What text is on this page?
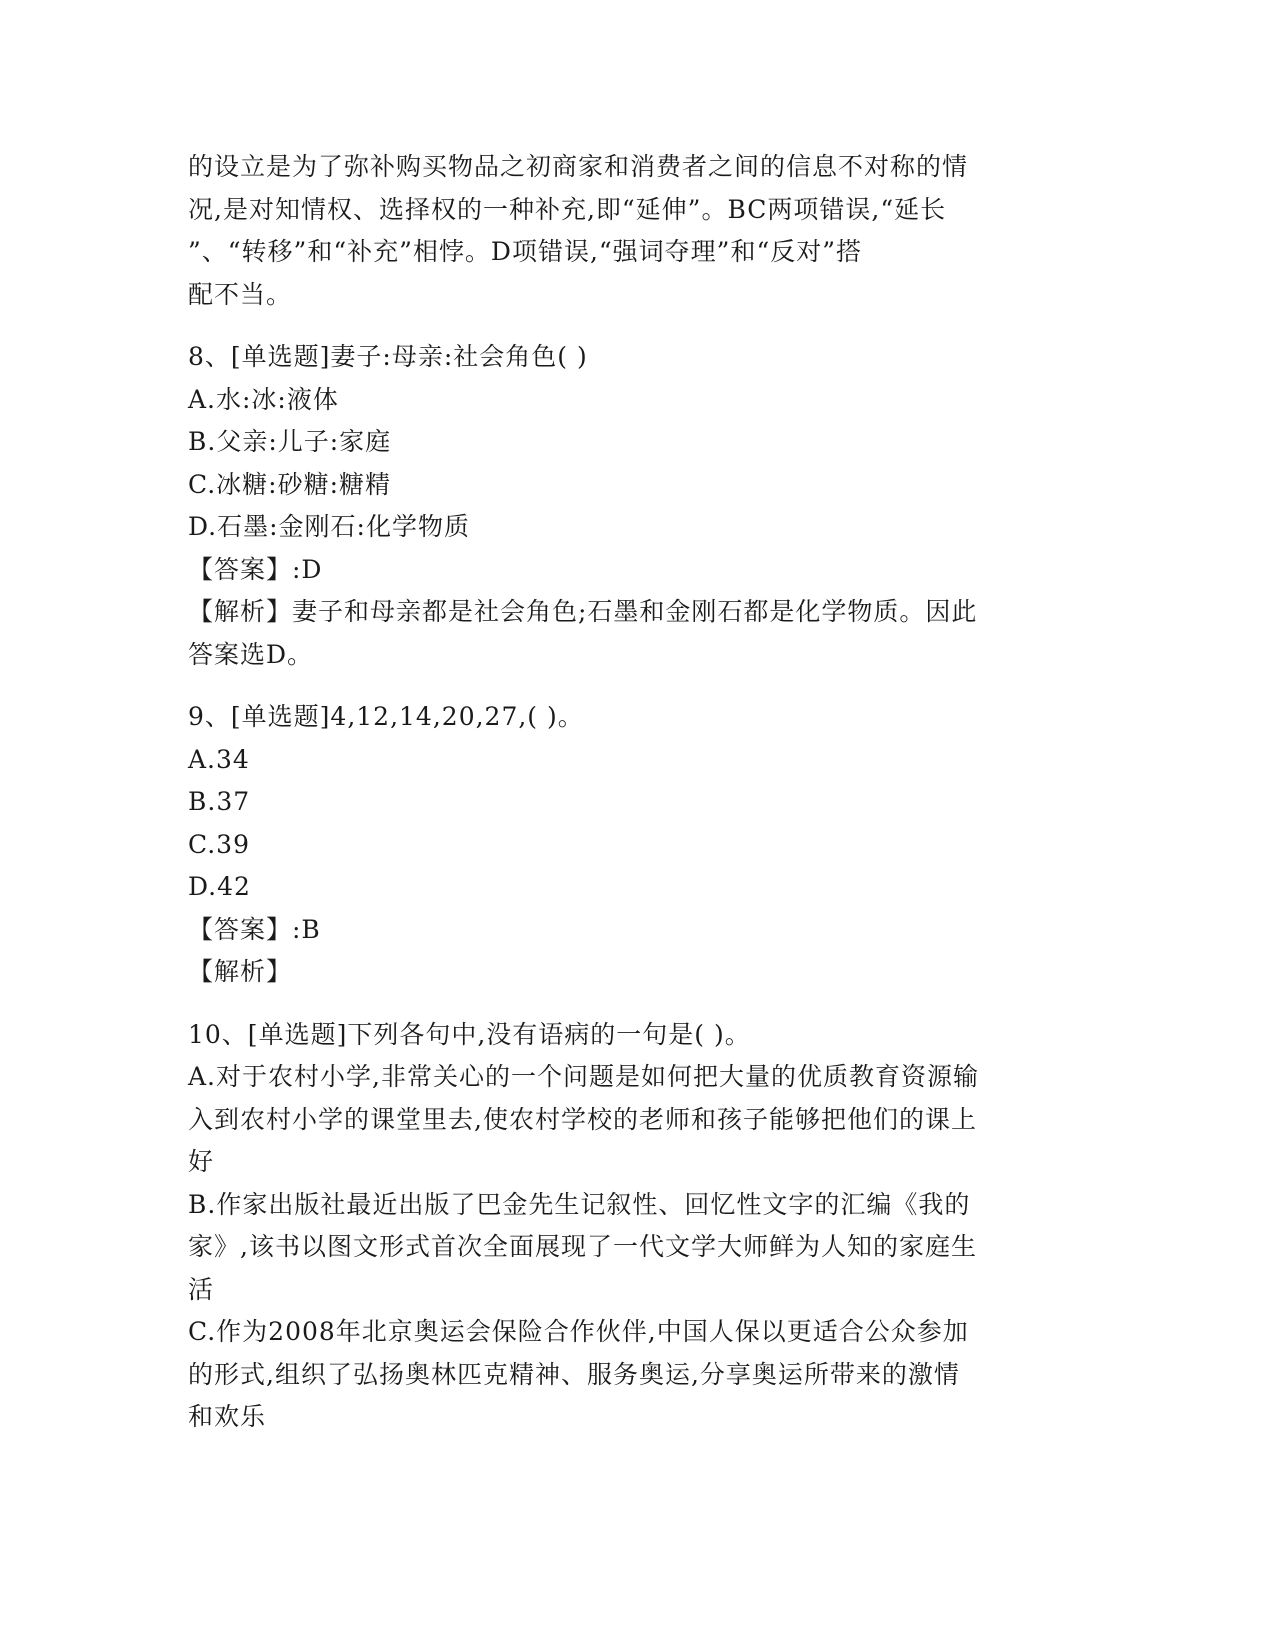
的设立是为了弥补购买物品之初商家和消费者之间的信息不对称的情
况,是对知情权、选择权的一种补充,即“延伸”。BC两项错误,“延长
”、“转移”和“补充”相悖。D项错误,“强词夺理”和“反对”搭
配不当。
8、[单选题]妻子:母亲:社会角色( )
A.水:冰:液体
B.父亲:儿子:家庭
C.冰糖:砂糖:糖精
D.石墨:金刚石:化学物质
【答案】:D
【解析】妻子和母亲都是社会角色;石墨和金刚石都是化学物质。因此
答案选D。
9、[单选题]4,12,14,20,27,( )。
A.34
B.37
C.39
D.42
【答案】:B
【解析】
10、[单选题]下列各句中,没有语病的一句是( )。
A.对于农村小学,非常关心的一个问题是如何把大量的优质教育资源输
入到农村小学的课堂里去,使农村学校的老师和孩子能够把他们的课上
好
B.作家出版社最近出版了巴金先生记叙性、回忆性文字的汇编《我的
家》,该书以图文形式首次全面展现了一代文学大师鲜为人知的家庭生
活
C.作为2008年北京奥运会保险合作伙伴,中国人保以更适合公众参加
的形式,组织了弘扬奥林匹克精神、服务奥运,分享奥运所带来的激情
和欢乐
